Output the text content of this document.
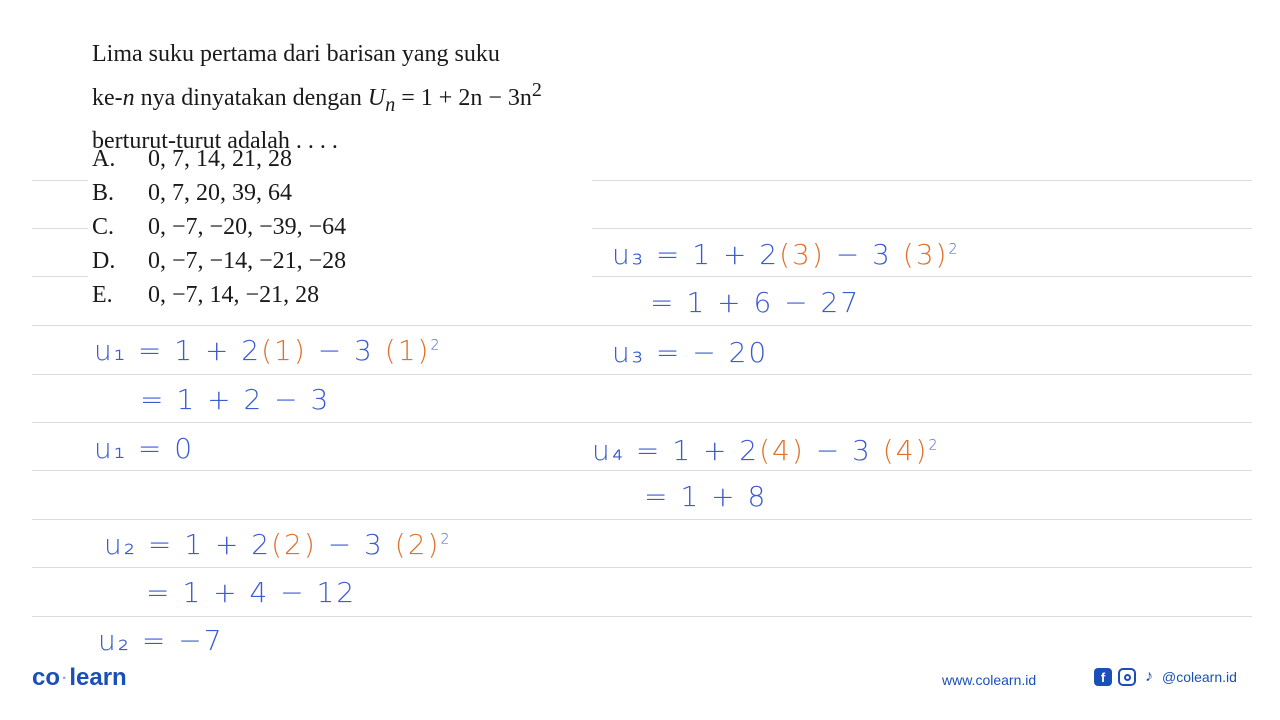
Lima suku pertama dari barisan yang suku
ke-n nya dinyatakan dengan $U_n = 1 + 2n - 3n^2$
berturut-turut adalah . . . .
A. 0, 7, 14, 21, 28
B. 0, 7, 20, 39, 64
C. 0, −7, −20, −39, −64
D. 0, −7, −14, −21, −28
E. 0, −7, 14, −21, 28
u₁ = 1 + 2(1) − 3 $(1)^2$
= 1 + 2 − 3
u₁ = 0
u₂ = 1 + 2(2) − 3 $(2)^2$
= 1 + 4 − 12
u₂ = −7
u₃ = 1 + 2(3) − 3 $(3)^2$
= 1 + 6 − 27
u₃ = − 20
u₄ = 1 + 2(4) − 3 $(4)^2$
= 1 + 8
co ·learn	www.colearn.id	f	♪ @colearn.id
